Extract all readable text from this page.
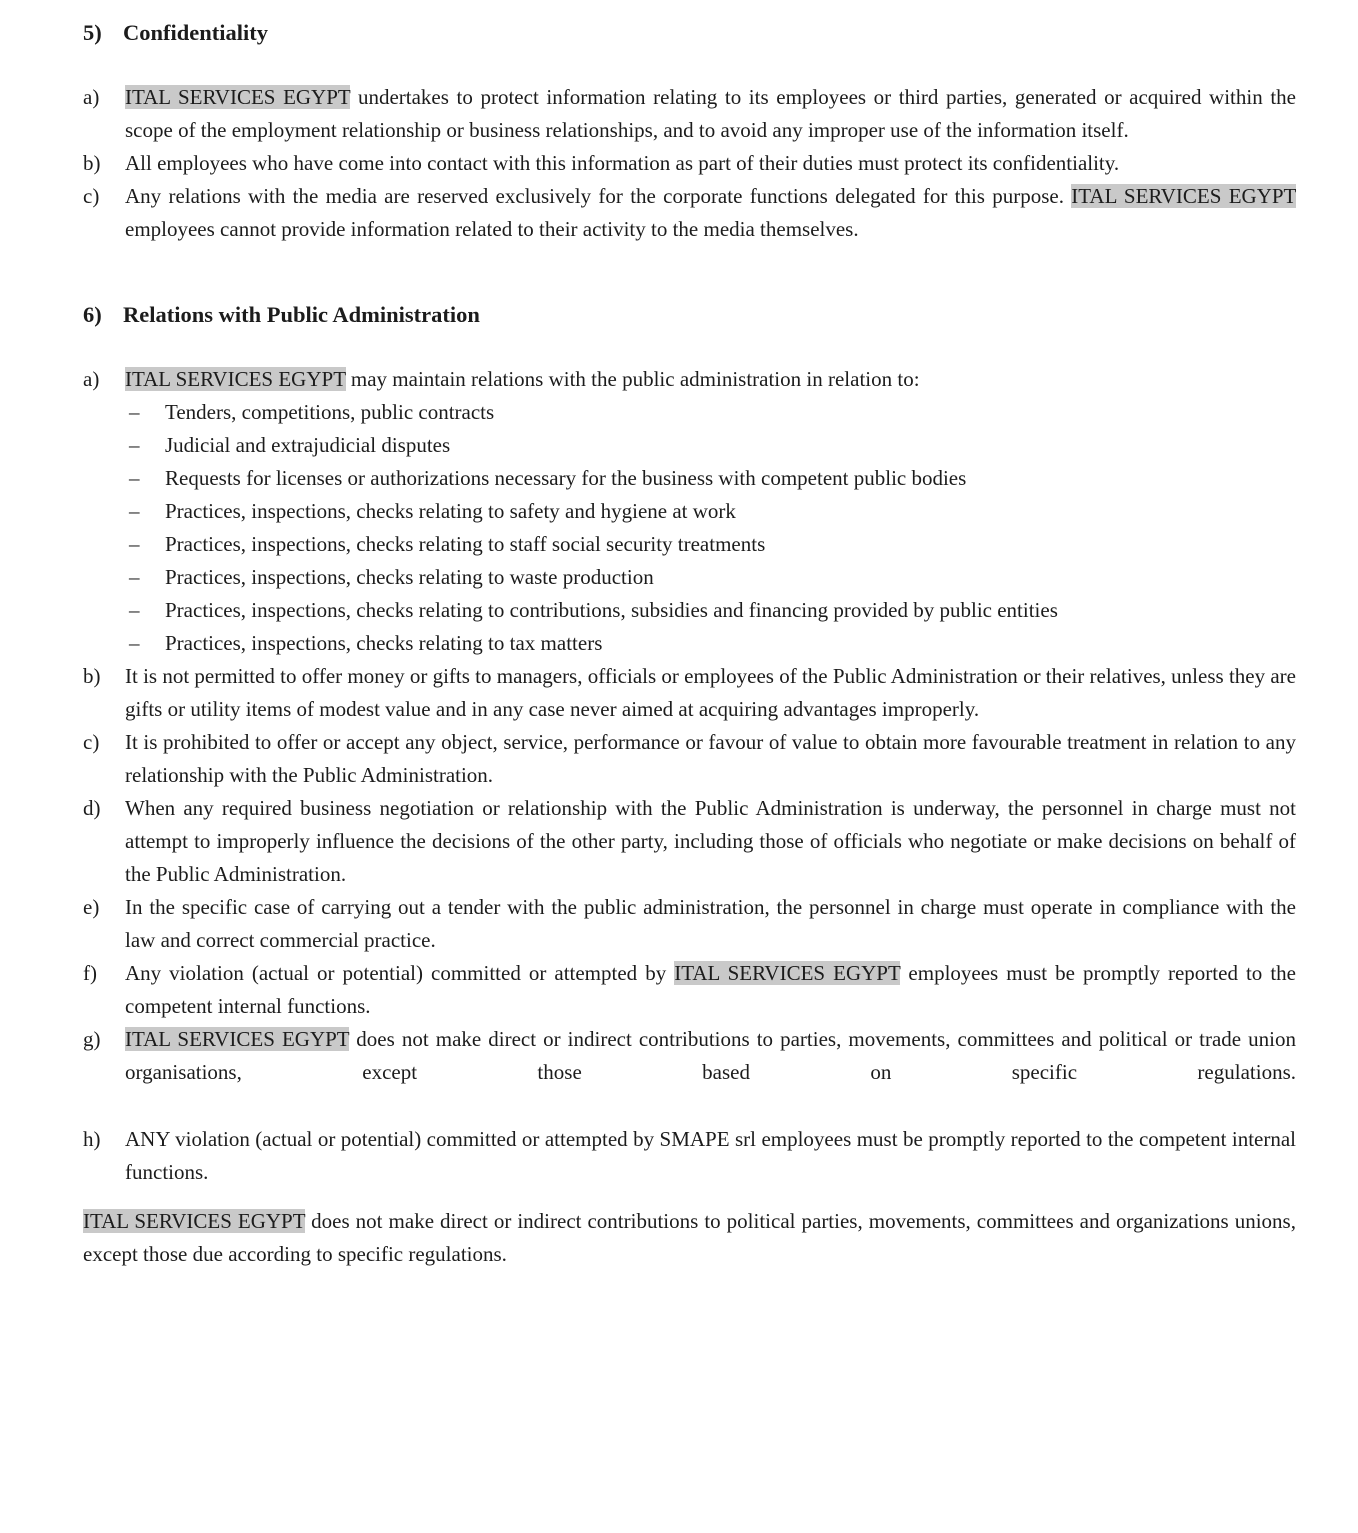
5) Confidentiality
a)	ITAL SERVICES EGYPT undertakes to protect information relating to its employees or third parties, generated or acquired within the scope of the employment relationship or business relationships, and to avoid any improper use of the information itself.
b)	All employees who have come into contact with this information as part of their duties must protect its confidentiality.
c)	Any relations with the media are reserved exclusively for the corporate functions delegated for this purpose. ITAL SERVICES EGYPT employees cannot provide information related to their activity to the media themselves.
6) Relations with Public Administration
a)	ITAL SERVICES EGYPT may maintain relations with the public administration in relation to:
–	Tenders, competitions, public contracts
–	Judicial and extrajudicial disputes
–	Requests for licenses or authorizations necessary for the business with competent public bodies
–	Practices, inspections, checks relating to safety and hygiene at work
–	Practices, inspections, checks relating to staff social security treatments
–	Practices, inspections, checks relating to waste production
–	Practices, inspections, checks relating to contributions, subsidies and financing provided by public entities
–	Practices, inspections, checks relating to tax matters
b)	It is not permitted to offer money or gifts to managers, officials or employees of the Public Administration or their relatives, unless they are gifts or utility items of modest value and in any case never aimed at acquiring advantages improperly.
c)	It is prohibited to offer or accept any object, service, performance or favour of value to obtain more favourable treatment in relation to any relationship with the Public Administration.
d)	When any required business negotiation or relationship with the Public Administration is underway, the personnel in charge must not attempt to improperly influence the decisions of the other party, including those of officials who negotiate or make decisions on behalf of the Public Administration.
e)	In the specific case of carrying out a tender with the public administration, the personnel in charge must operate in compliance with the law and correct commercial practice.
f)	Any violation (actual or potential) committed or attempted by ITAL SERVICES EGYPT employees must be promptly reported to the competent internal functions.
g)	ITAL SERVICES EGYPT does not make direct or indirect contributions to parties, movements, committees and political or trade union organisations, except those based on specific regulations.
h)	ANY violation (actual or potential) committed or attempted by SMAPE srl employees must be promptly reported to the competent internal functions.

ITAL SERVICES EGYPT does not make direct or indirect contributions to political parties, movements, committees and organizations unions, except those due according to specific regulations.
